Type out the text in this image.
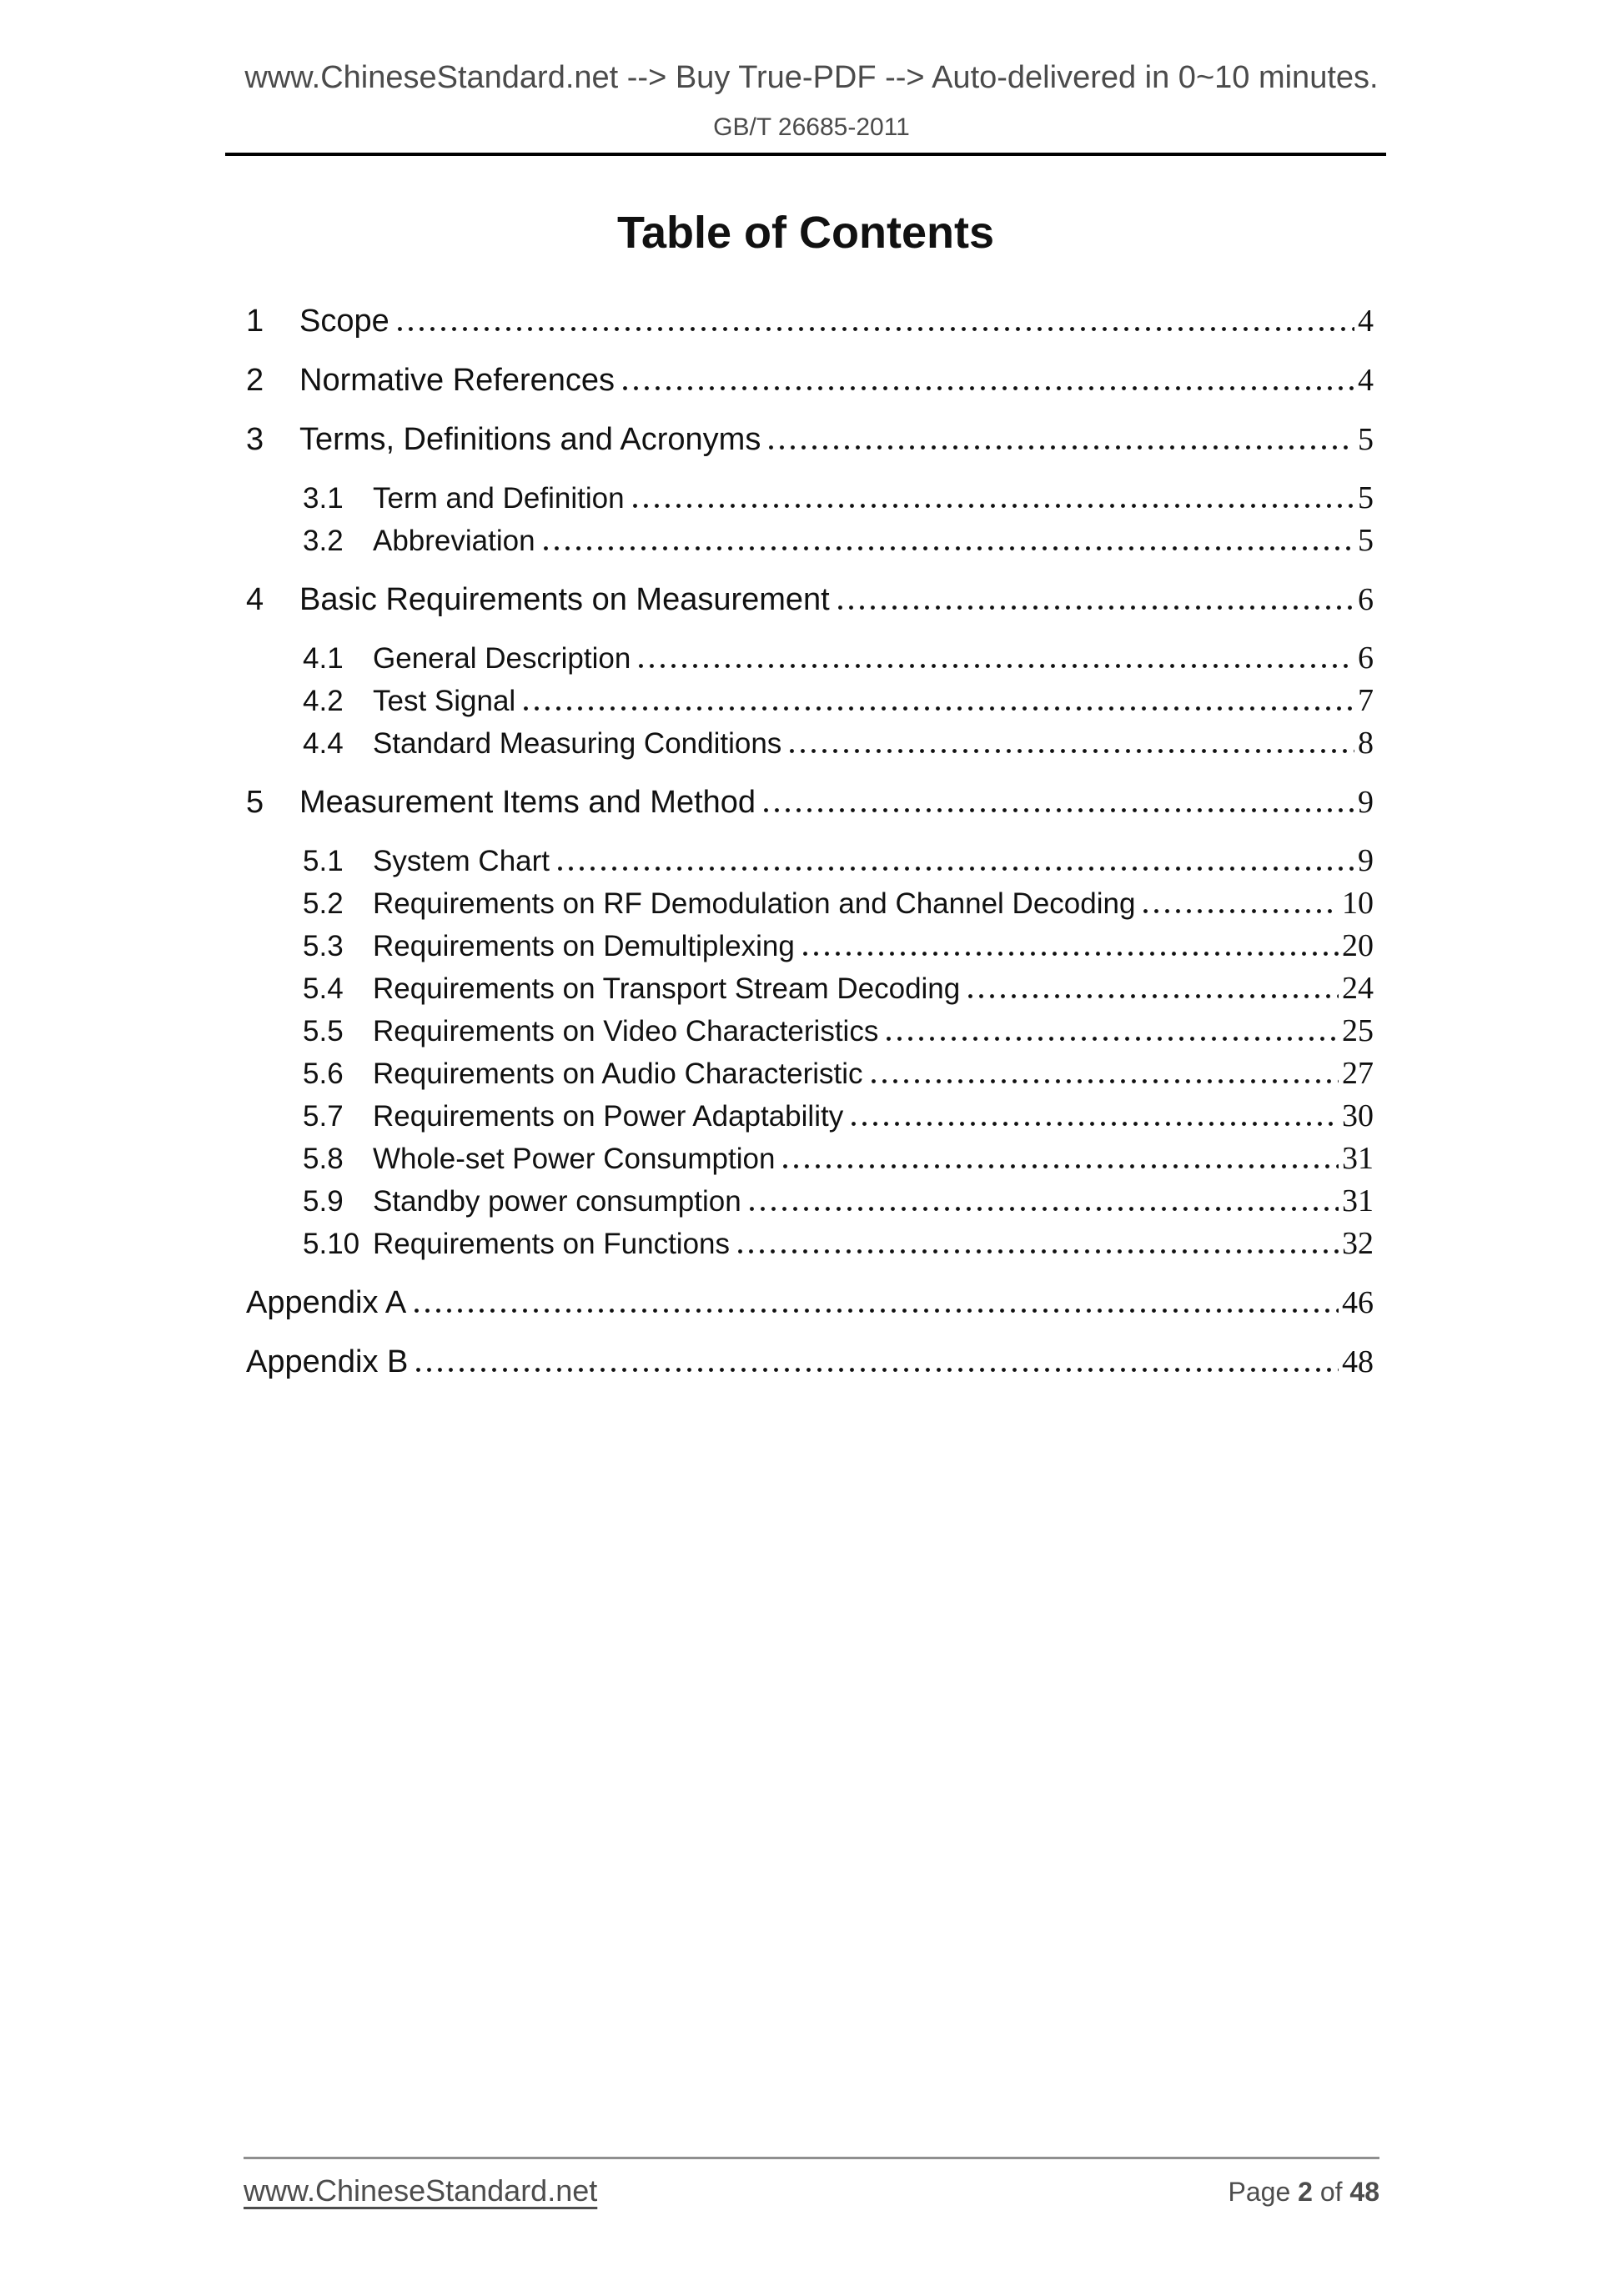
www.ChineseStandard.net --> Buy True-PDF --> Auto-delivered in 0~10 minutes.
GB/T 26685-2011
Table of Contents
1	Scope	4
2	Normative References	4
3	Terms, Definitions and Acronyms	5
3.1	Term and Definition	5
3.2	Abbreviation	5
4	Basic Requirements on Measurement	6
4.1	General Description	6
4.2	Test Signal	7
4.4	Standard Measuring Conditions	8
5	Measurement Items and Method	9
5.1	System Chart	9
5.2	Requirements on RF Demodulation and Channel Decoding	10
5.3	Requirements on Demultiplexing	20
5.4	Requirements on Transport Stream Decoding	24
5.5	Requirements on Video Characteristics	25
5.6	Requirements on Audio Characteristic	27
5.7	Requirements on Power Adaptability	30
5.8	Whole-set Power Consumption	31
5.9	Standby power consumption	31
5.10 Requirements on Functions	32
Appendix A	46
Appendix B	48
www.ChineseStandard.net	Page 2 of 48
